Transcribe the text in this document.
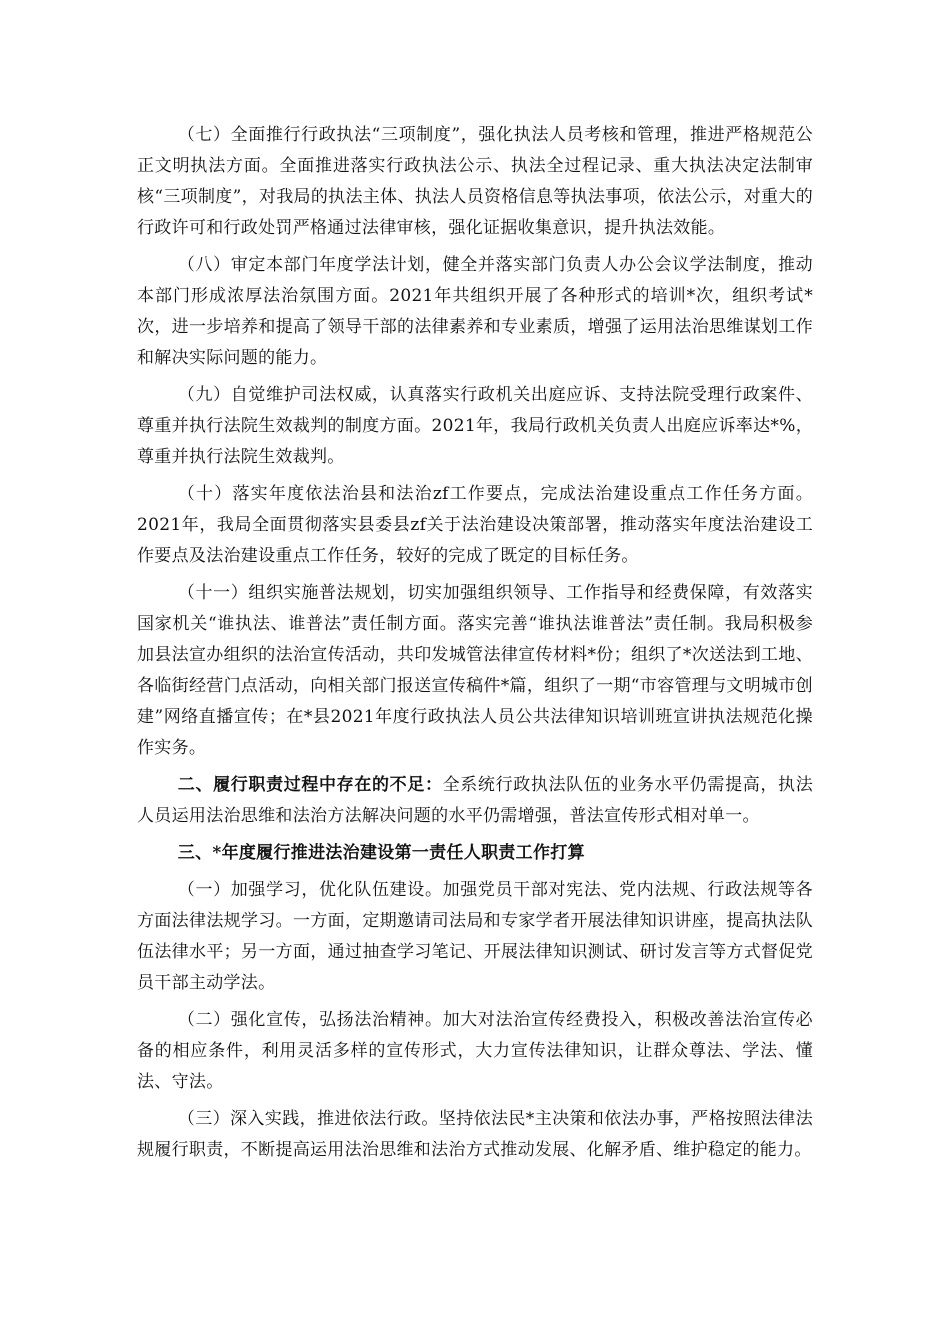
（七）全面推行行政执法“三项制度”，强化执法人员考核和管理，推进严格规范公正文明执法方面。全面推进落实行政执法公示、执法全过程记录、重大执法决定法制审核“三项制度”，对我局的执法主体、执法人员资格信息等执法事项，依法公示，对重大的行政许可和行政处罚严格通过法律审核，强化证据收集意识，提升执法效能。

（八）审定本部门年度学法计划，健全并落实部门负责人办公会议学法制度，推动本部门形成浓厚法治氛围方面。2021年共组织开展了各种形式的培训*次，组织考试*次，进一步培养和提高了领导干部的法律素养和专业素质，增强了运用法治思维谋划工作和解决实际问题的能力。

（九）自觉维护司法权威，认真落实行政机关出庭应诉、支持法院受理行政案件、尊重并执行法院生效裁判的制度方面。2021年，我局行政机关负责人出庭应诉率达*%，尊重并执行法院生效裁判。

（十）落实年度依法治县和法治zf工作要点，完成法治建设重点工作任务方面。2021年，我局全面贯彻落实县委县zf关于法治建设决策部署，推动落实年度法治建设工作要点及法治建设重点工作任务，较好的完成了既定的目标任务。

（十一）组织实施普法规划，切实加强组织领导、工作指导和经费保障，有效落实国家机关“谁执法、谁普法”责任制方面。落实完善“谁执法谁普法”责任制。我局积极参加县法宣办组织的法治宣传活动，共印发城管法律宣传材料*份；组织了*次送法到工地、各临街经营门点活动，向相关部门报送宣传稿件*篇，组织了一期“市容管理与文明城市创建”网络直播宣传；在*县2021年度行政执法人员公共法律知识培训班宣讲执法规范化操作实务。

二、履行职责过程中存在的不足：全系统行政执法队伍的业务水平仍需提高，执法人员运用法治思维和法治方法解决问题的水平仍需增强，普法宣传形式相对单一。

三、*年度履行推进法治建设第一责任人职责工作打算

（一）加强学习，优化队伍建设。加强党员干部对宪法、党内法规、行政法规等各方面法律法规学习。一方面，定期邀请司法局和专家学者开展法律知识讲座，提高执法队伍法律水平；另一方面，通过抽查学习笔记、开展法律知识测试、研讨发言等方式督促党员干部主动学法。

（二）强化宣传，弘扬法治精神。加大对法治宣传经费投入，积极改善法治宣传必备的相应条件，利用灵活多样的宣传形式，大力宣传法律知识，让群众尊法、学法、懂法、守法。

（三）深入实践，推进依法行政。坚持依法民*主决策和依法办事，严格按照法律法规履行职责，不断提高运用法治思维和法治方式推动发展、化解矛盾、维护稳定的能力。
